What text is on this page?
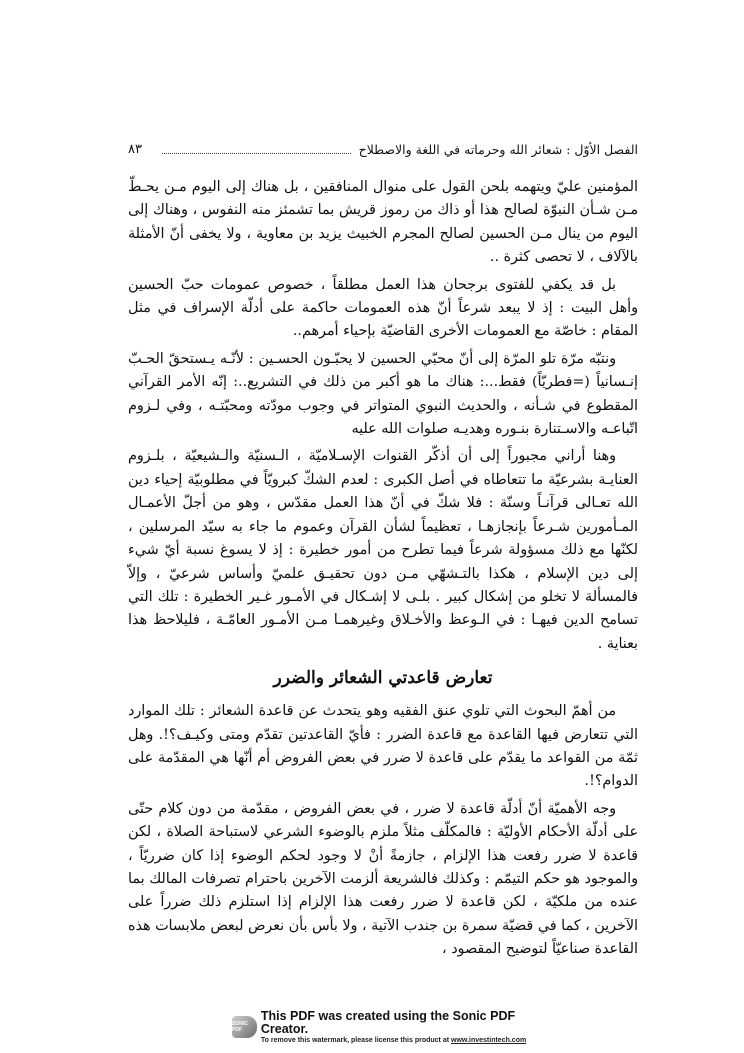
الفصل الأوّل : شعائر الله وحرماته في اللغة والاصطلاح
٨٣

المؤمنين عليّ ويتهمه بلحن القول على منوال المنافقين ، بل هناك إلى اليوم مـن يحـطّ مـن شـأن النبوّة لصالح هذا أو ذاك من رموز قريش بما تشمئز منه النفوس ، وهناك إلى اليوم من ينال مـن الحسين لصالح المجرم الخبيث يزيد بن معاوية ، ولا يخفى أنّ الأمثلة بالآلاف ، لا تحصى كثرة ..

بل قد يكفي للفتوى برجحان هذا العمل مطلقاً ، خصوص عمومات حبّ الحسين وأهل البيت : إذ لا يبعد شرعاً أنّ هذه العمومات حاكمة على أدلّة الإسراف في مثل المقام : خاصّة مع العمومات الأخرى القاضيّة بإحياء أمرهم..

ونتبّه مرّة تلو المرّة إلى أنّ محبّي الحسين لا يحبّـون الحسـين : لأنّـه يـستحقّ الحـبّ إنـسانياً (=فطريّاً) فقط...: هناك ما هو أكبر من ذلك في التشريع..: إنّه الأمر القرآني المقطوع في شـأنه ، والحديث النبوي المتواتر في وجوب مودّته ومحبّتـه ، وفي لـزوم اتّباعـه والاسـتنارة بنـوره وهديـه صلوات الله عليه

وهنا أراني مجبوراً إلى أن أذكّر القنوات الإسـلاميّة ، الـسنيّة والـشيعيّة ، بلـزوم العنايـة بشرعيّة ما تتعاطاه في أصل الكبرى : لعدم الشكّ كبرويّاً في مطلوبيّة إحياء دين الله تعـالى قرآنـاً وسنّة : فلا شكّ في أنّ هذا العمل مقدّس ، وهو من أجلّ الأعمـال المـأمورين شـرعاً بإنجازهـا ، تعظيماً لشأن القرآن وعموم ما جاء به سيّد المرسلين ، لكنّها مع ذلك مسؤولة شرعاً فيما تطرح من أمور خطيرة : إذ لا يسوغ نسبة أيّ شيء إلى دين الإسلام ، هكذا بالتـشهّي مـن دون تحقيـق علميّ وأساس شرعيّ ، وإلاّ فالمسألة لا تخلو من إشكال كبير . بلـى لا إشـكال في الأمـور غـير الخطيرة : تلك التي تسامح الدين فيهـا : في الـوعظ والأخـلاق وغيرهمـا مـن الأمـور العامّـة ، فليلاحظ هذا بعناية .

تعارض قاعدتي الشعائر والضرر

من أهمّ البحوث التي تلوي عنق الفقيه وهو يتحدث عن قاعدة الشعائر : تلك الموارد التي تتعارض فيها القاعدة مع قاعدة الضرر : فأيّ القاعدتين تقدّم ومتى وكيـف؟!. وهل ثمّة من القواعد ما يقدّم على قاعدة لا ضرر في بعض الفروض أم أنّها هي المقدّمة على الدوام؟!.

وجه الأهميّة أنّ أدلّة قاعدة لا ضرر ، في بعض الفروض ، مقدّمة من دون كلام حتّى على أدلّة الأحكام الأوليّة : فالمكلّف مثلاً ملزم بالوضوء الشرعي لاستباحة الصلاة ، لكن قاعدة لا ضرر رفعت هذا الإلزام ، جازمةً أنْ لا وجود لحكم الوضوء إذا كان ضرريّاً ، والموجود هو حكم التيمّم : وكذلك فالشريعة ألزمت الآخرين باحترام تصرفات المالك بما عنده من ملكيّة ، لكن قاعدة لا ضرر رفعت هذا الإلزام إذا استلزم ذلك ضرراً على الآخرين ، كما في قضيّة سمرة بن جندب الآتية ، ولا بأس بأن نعرض لبعض ملابسات هذه القاعدة صناعيّاً لتوضيح المقصود ،

SONIC PDF
This PDF was created using the Sonic PDF Creator.
To remove this watermark, please license this product at www.investintech.com
